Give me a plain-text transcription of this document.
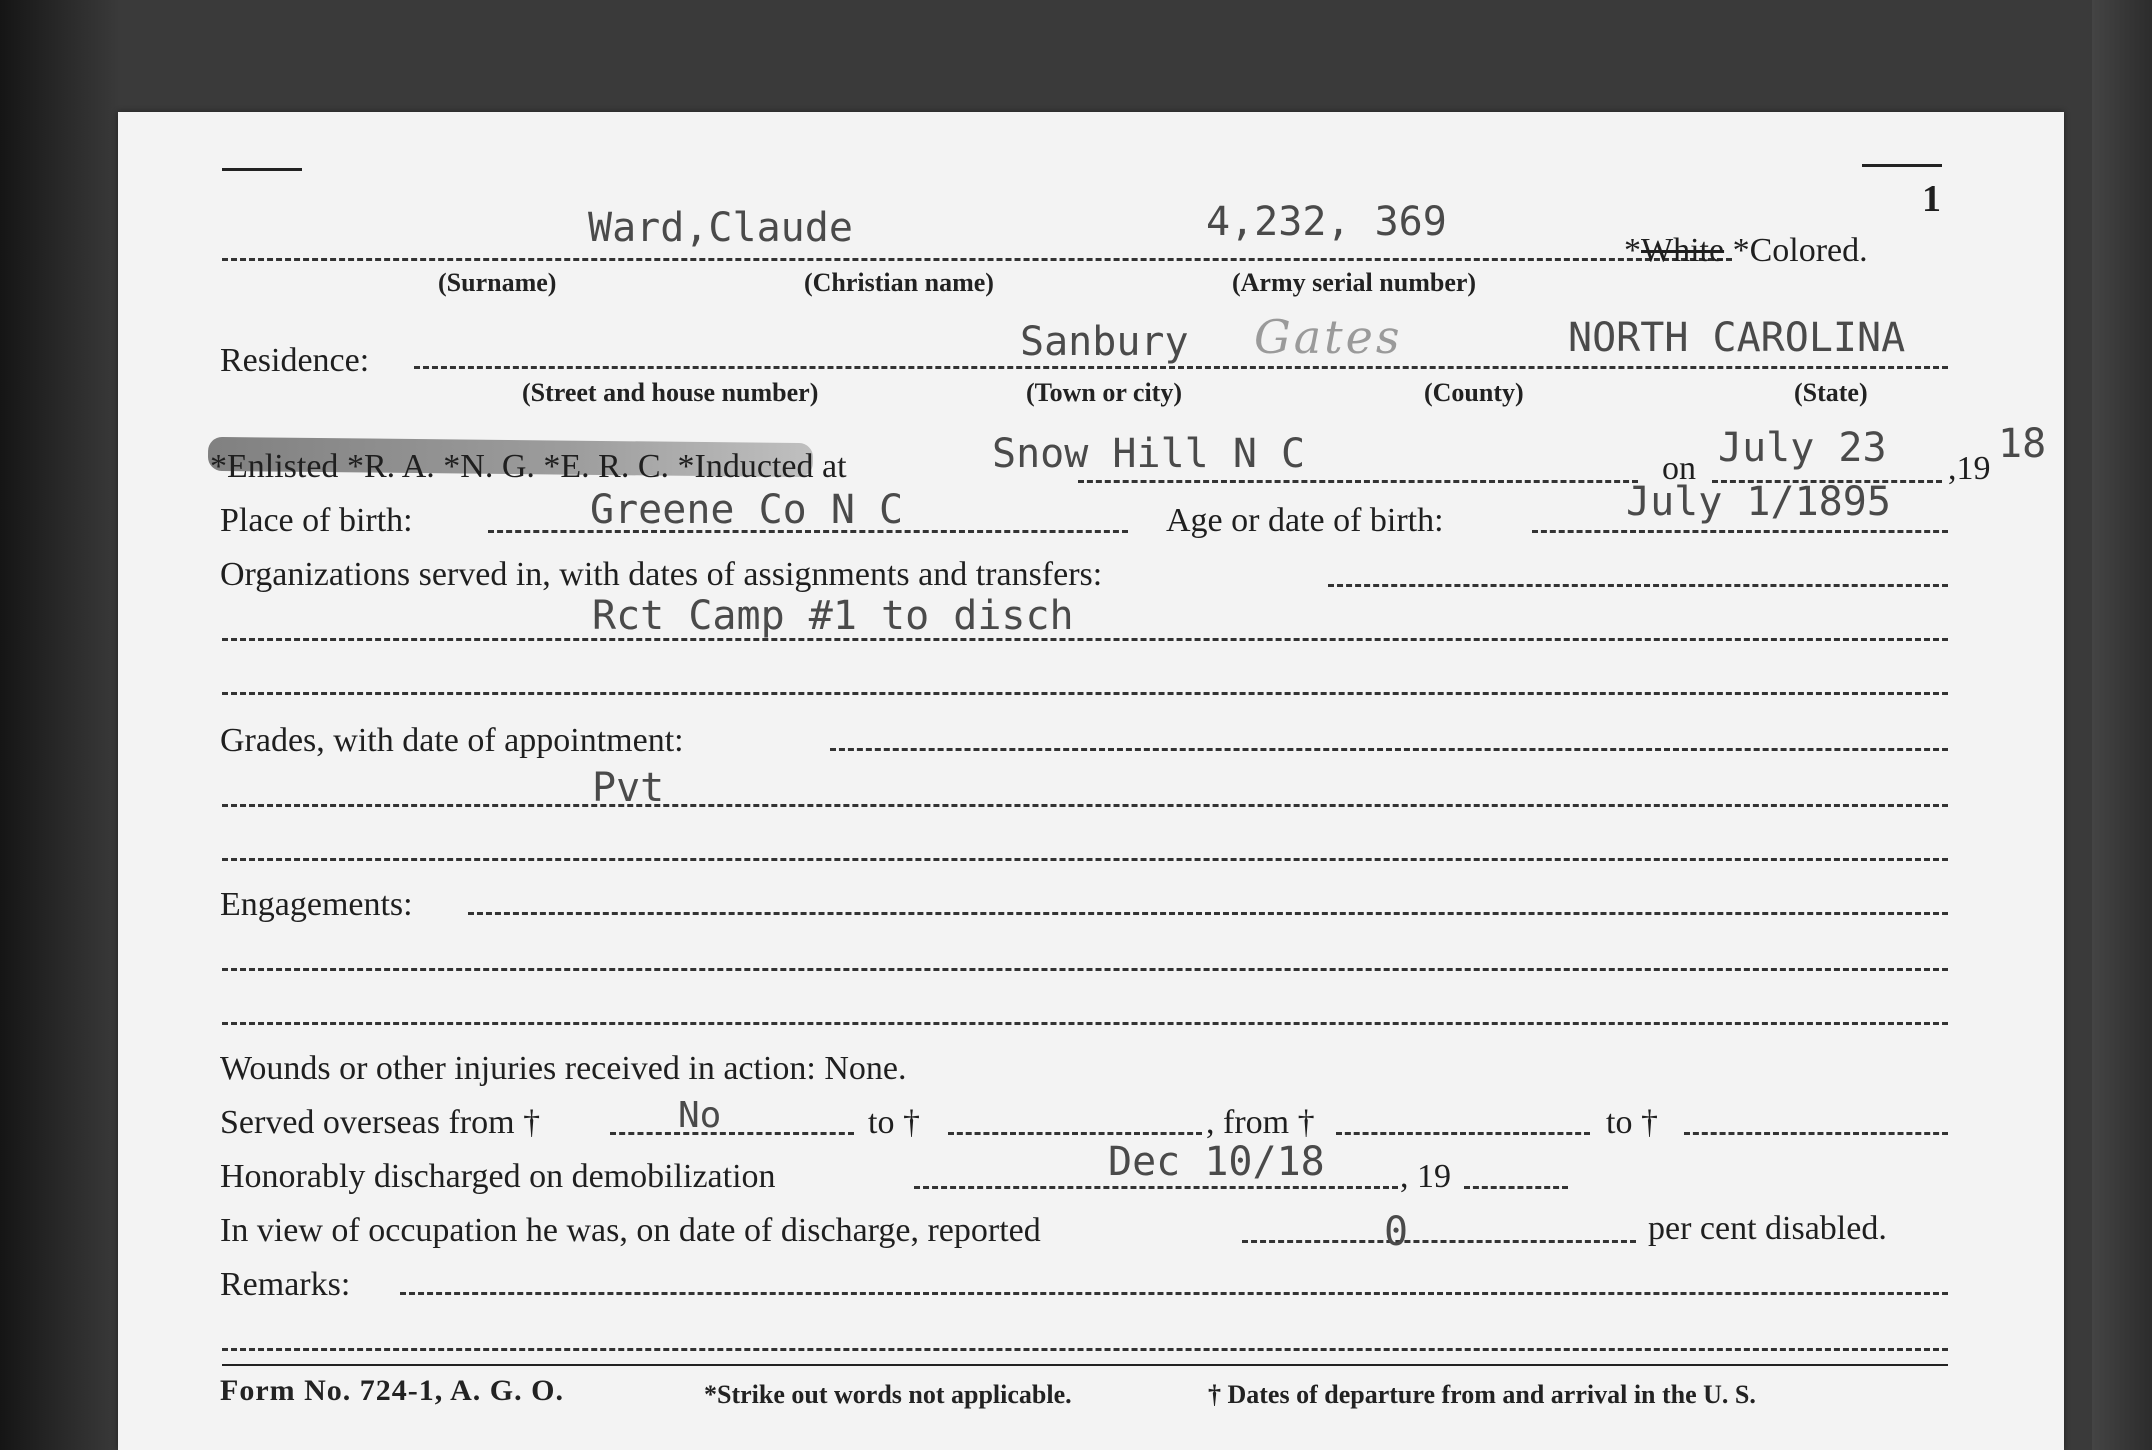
1
Ward,Claude	4,232, 369
*White *Colored.
(Surname)	(Christian name)	(Army serial number)
Residence:	Sanbury Gates	NORTH CAROLINA
(Street and house number)	(Town or city)	(County)	(State)
*Enlisted *R. A. *N. G. *E. R. C. *Inducted at	Snow Hill N C	on July 23 ,19
18
Place of birth:	Greene Co N C	Age or date of birth:	July 1/1895
Organizations served in, with dates of assignments and transfers:
Rct Camp #1 to disch
Grades, with date of appointment:
Pvt
Engagements:
Wounds or other injuries received in action: None.
Served overseas from †	No	to †	, from †	to †
Honorably discharged on demobilization	Dec 10/18 , 19
In view of occupation he was, on date of discharge, reported	0	per cent disabled.
Remarks:
Form No. 724-1, A. G. O.	*Strike out words not applicable.	† Dates of departure from and arrival in the U. S.
